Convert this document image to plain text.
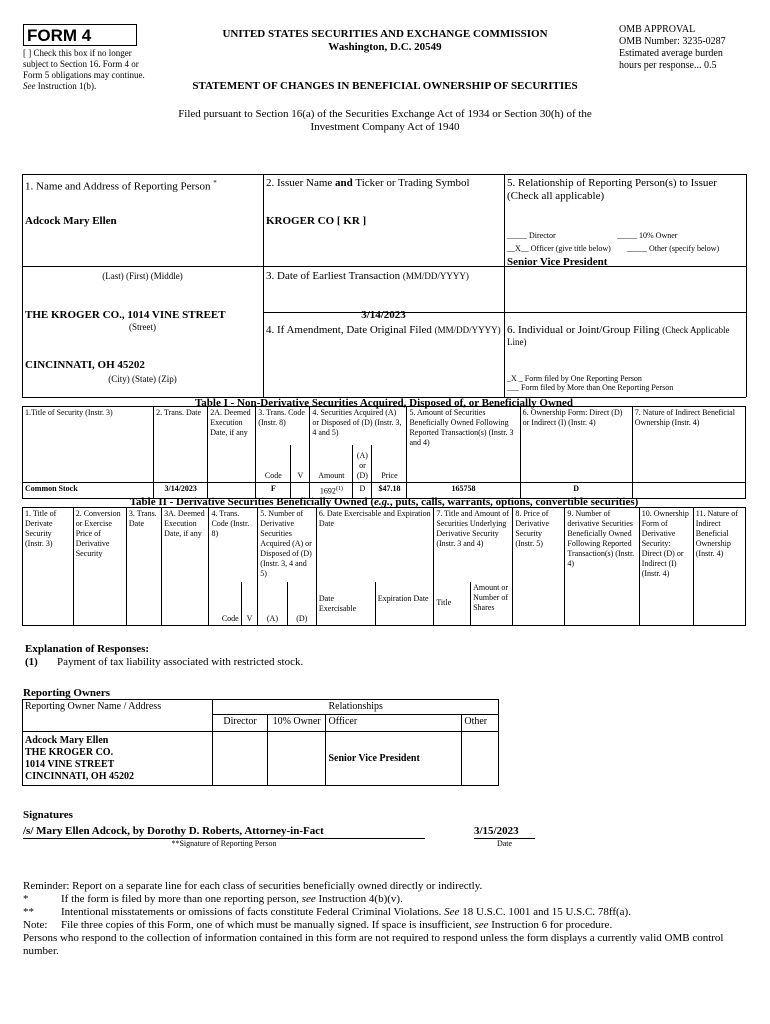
FORM 4
[ ] Check this box if no longer subject to Section 16. Form 4 or Form 5 obligations may continue. See Instruction 1(b).
UNITED STATES SECURITIES AND EXCHANGE COMMISSION
Washington, D.C. 20549
OMB APPROVAL
OMB Number: 3235-0287
Estimated average burden
hours per response... 0.5
STATEMENT OF CHANGES IN BENEFICIAL OWNERSHIP OF SECURITIES
Filed pursuant to Section 16(a) of the Securities Exchange Act of 1934 or Section 30(h) of the
Investment Company Act of 1940
1. Name and Address of Reporting Person *
Adcock Mary Ellen
(Last) (First) (Middle)
THE KROGER CO., 1014 VINE STREET
(Street)
CINCINNATI, OH 45202
(City) (State) (Zip)
2. Issuer Name and Ticker or Trading Symbol
KROGER CO [ KR ]
3. Date of Earliest Transaction (MM/DD/YYYY)
3/14/2023
4. If Amendment, Date Original Filed (MM/DD/YYYY)
5. Relationship of Reporting Person(s) to Issuer
(Check all applicable)
_____ Director	_____ 10% Owner
__X__ Officer (give title below) _____ Other (specify below)
Senior Vice President
6. Individual or Joint/Group Filing (Check Applicable
Line)
_X _ Form filed by One Reporting Person
___ Form filed by More than One Reporting Person
Table I - Non-Derivative Securities Acquired, Disposed of, or Beneficially Owned
1.Title of Security (Instr. 3)	2. Trans. Date	2A. Deemed Execution Date, if any	3. Trans. Code (Instr. 8)		4. Securities Acquired (A) or Disposed of (D) (Instr. 3, 4 and 5)			5. Amount of Securities Beneficially Owned Following Reported Transaction(s) (Instr. 3 and 4)	6. Ownership Form: Direct (D) or Indirect (I) (Instr. 4)	7. Nature of Indirect Beneficial Ownership (Instr. 4)
			Code	V	Amount	(A) or (D)	Price			
Common Stock	3/14/2023		F		1692$^{(1)}$	D	$47.18	165758	D	
Table II - Derivative Securities Beneficially Owned (e.g., puts, calls, warrants, options, convertible securities)
1. Title of Derivate Security (Instr. 3)	2. Conversion or Exercise Price of Derivative Security	3. Trans. Date	3A. Deemed Execution Date, if any	4. Trans. Code (Instr. 8)		5. Number of Derivative Securities Acquired (A) or Disposed of (D) (Instr. 3, 4 and 5)		6. Date Exercisable and Expiration Date		7. Title and Amount of Securities Underlying Derivative Security (Instr. 3 and 4)		8. Price of Derivative Security (Instr. 5)	9. Number of derivative Securities Beneficially Owned Following Reported Transaction(s) (Instr. 4)	10. Ownership Form of Derivative Security: Direct (D) or Indirect (I) (Instr. 4)	11. Nature of Indirect Beneficial Ownership (Instr. 4)
				Code	V	(A)	(D)	Date Exercisable	Expiration Date	Title	Amount or Number of Shares				
Explanation of Responses:
(1) Payment of tax liability associated with restricted stock.
Reporting Owners
Reporting Owner Name / Address	Relationships			
	Director	10% Owner	Officer	Other

Adcock Mary Ellen
THE KROGER CO.
1014 VINE STREET
CINCINNATI, OH 45202			Senior Vice President	
Signatures
/s/ Mary Ellen Adcock, by Dorothy D. Roberts, Attorney-in-Fact
**Signature of Reporting Person
3/15/2023
Date
Reminder: Report on a separate line for each class of securities beneficially owned directly or indirectly.
*	If the form is filed by more than one reporting person, see Instruction 4(b)(v).
** Intentional misstatements or omissions of facts constitute Federal Criminal Violations. See 18 U.S.C. 1001 and 15 U.S.C. 78ff(a).
Note: File three copies of this Form, one of which must be manually signed. If space is insufficient, see Instruction 6 for procedure.
Persons who respond to the collection of information contained in this form are not required to respond unless the form displays a currently valid OMB control number.
